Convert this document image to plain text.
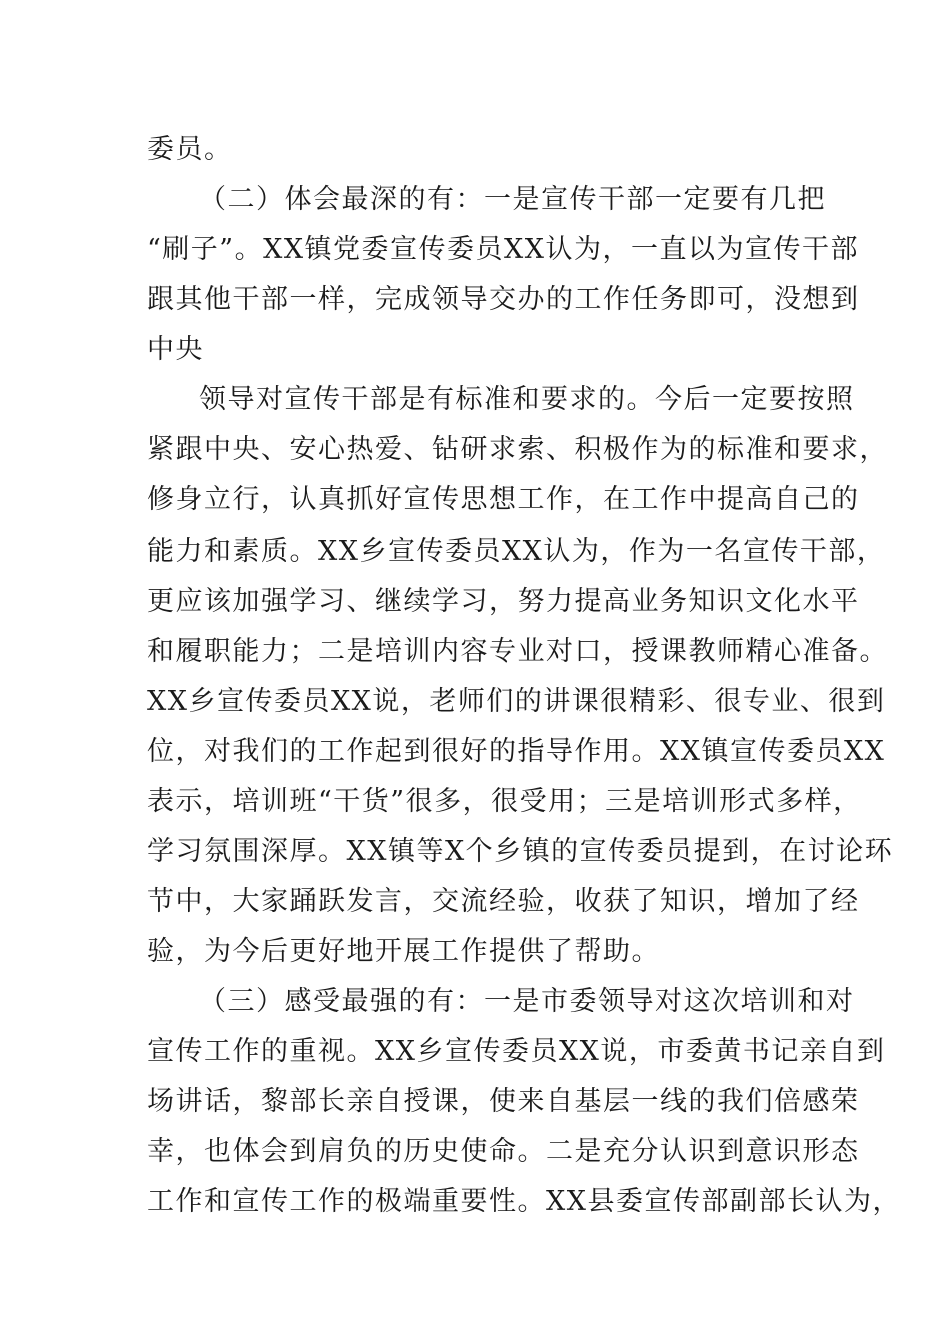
委员。
（二）体会最深的有：一是宣传干部一定要有几把
“刷子”。XX镇党委宣传委员XX认为，一直以为宣传干部
跟其他干部一样，完成领导交办的工作任务即可，没想到
中央
领导对宣传干部是有标准和要求的。今后一定要按照
紧跟中央、安心热爱、钻研求索、积极作为的标准和要求，
修身立行，认真抓好宣传思想工作，在工作中提高自己的
能力和素质。XX乡宣传委员XX认为，作为一名宣传干部，
更应该加强学习、继续学习，努力提高业务知识文化水平
和履职能力；二是培训内容专业对口，授课教师精心准备。
XX乡宣传委员XX说，老师们的讲课很精彩、很专业、很到
位，对我们的工作起到很好的指导作用。XX镇宣传委员XX
表示，培训班“干货”很多，很受用；三是培训形式多样，
学习氛围深厚。XX镇等X个乡镇的宣传委员提到，在讨论环
节中，大家踊跃发言，交流经验，收获了知识，增加了经
验，为今后更好地开展工作提供了帮助。
（三）感受最强的有：一是市委领导对这次培训和对
宣传工作的重视。XX乡宣传委员XX说，市委黄书记亲自到
场讲话，黎部长亲自授课，使来自基层一线的我们倍感荣
幸，也体会到肩负的历史使命。二是充分认识到意识形态
工作和宣传工作的极端重要性。XX县委宣传部副部长认为，
